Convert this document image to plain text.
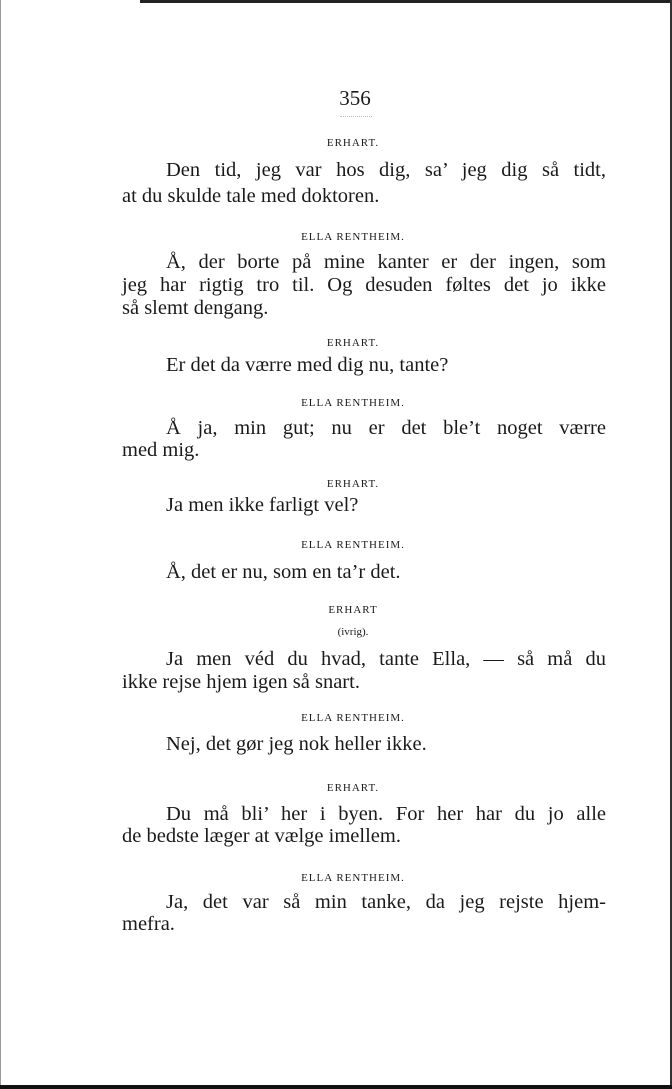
356
ERHART.
Den tid, jeg var hos dig, sa’ jeg dig så tidt,
at du skulde tale med doktoren.
ELLA RENTHEIM.
Å, der borte på mine kanter er der ingen, som
jeg har rigtig tro til. Og desuden føltes det jo ikke
så slemt dengang.
ERHART.
Er det da værre med dig nu, tante?
ELLA RENTHEIM.
Å ja, min gut; nu er det ble’t noget værre
med mig.
ERHART.
Ja men ikke farligt vel?
ELLA RENTHEIM.
Å, det er nu, som en ta’r det.
ERHART
(ivrig).
Ja men véd du hvad, tante Ella, — så må du
ikke rejse hjem igen så snart.
ELLA RENTHEIM.
Nej, det gør jeg nok heller ikke.
ERHART.
Du må bli’ her i byen. For her har du jo alle
de bedste læger at vælge imellem.
ELLA RENTHEIM.
Ja, det var så min tanke, da jeg rejste hjem-
mefra.
